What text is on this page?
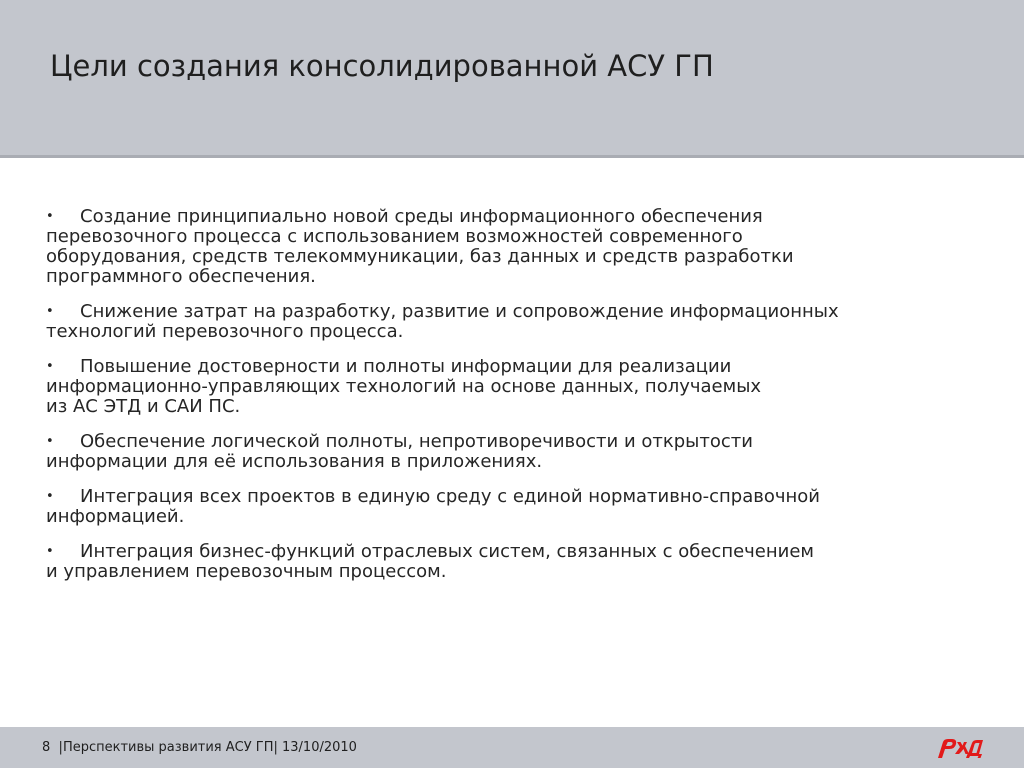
Цели создания консолидированной АСУ ГП
•	Создание принципиально новой среды информационного обеспечения
перевозочного процесса с использованием возможностей современного
оборудования, средств телекоммуникации, баз данных и средств разработки
программного обеспечения.
•	Снижение затрат на разработку, развитие и сопровождение информационных
технологий перевозочного процесса.
•	Повышение достоверности и полноты информации для реализации
информационно-управляющих технологий на основе данных, получаемых
из АС ЭТД и САИ ПС.
•	Обеспечение логической полноты, непротиворечивости и открытости
информации для её использования в приложениях.
•	Интеграция всех проектов в единую среду с единой нормативно-справочной
информацией.
•	Интеграция бизнес-функций отраслевых систем, связанных с обеспечением
и управлением перевозочным процессом.
8  |Перспективы развития АСУ ГП| 13/10/2010
